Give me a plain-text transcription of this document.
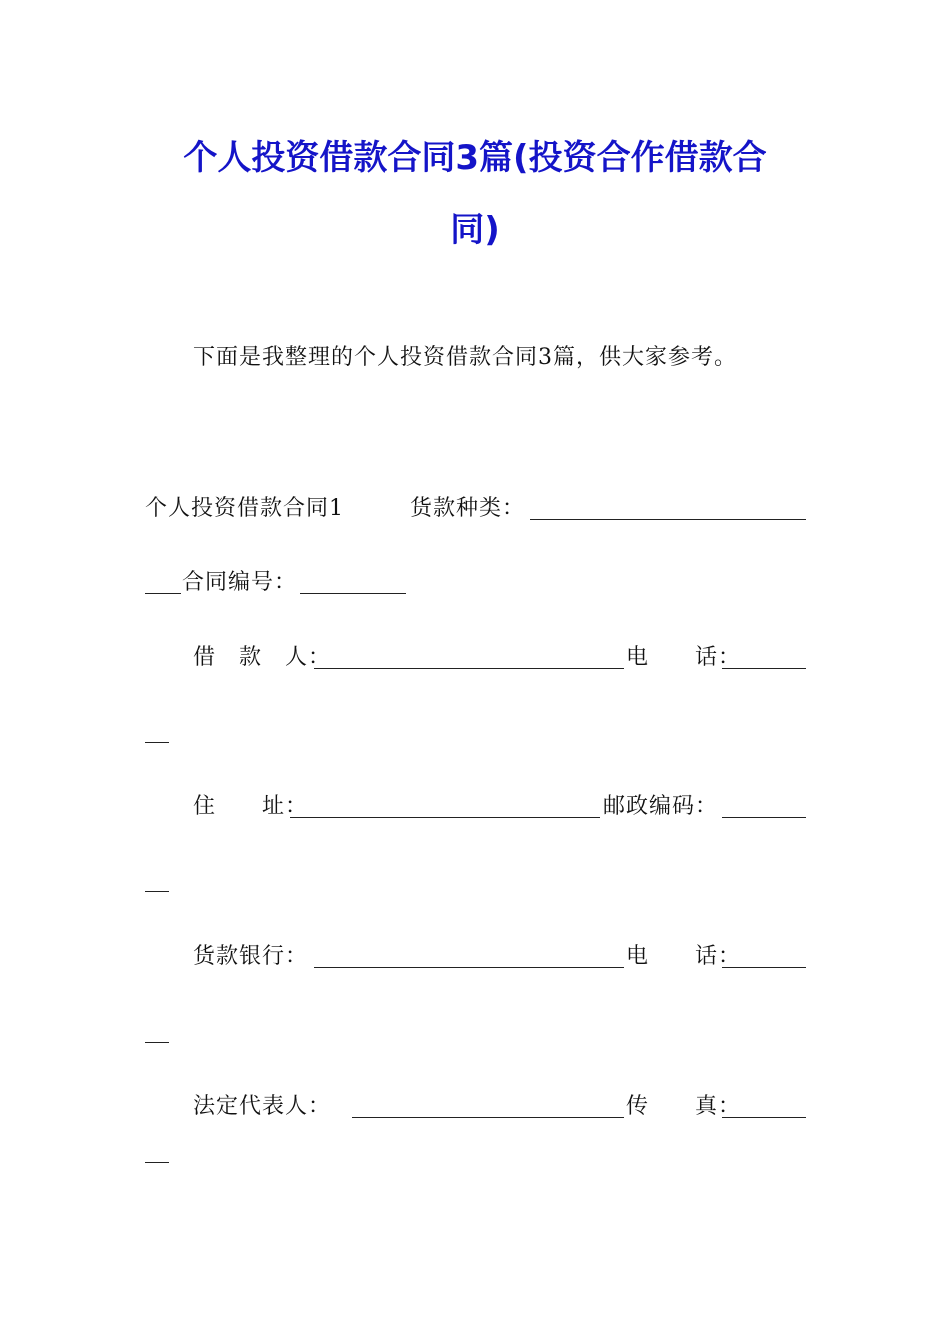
个人投资借款合同3篇(投资合作借款合
同)
下面是我整理的个人投资借款合同3篇，供大家参考。
个人投资借款合同1	货款种类：
合同编号：
借　款　人：	电　　话：
住　　址：	邮政编码：
货款银行：	电　　话：
法定代表人：	传　　真：
